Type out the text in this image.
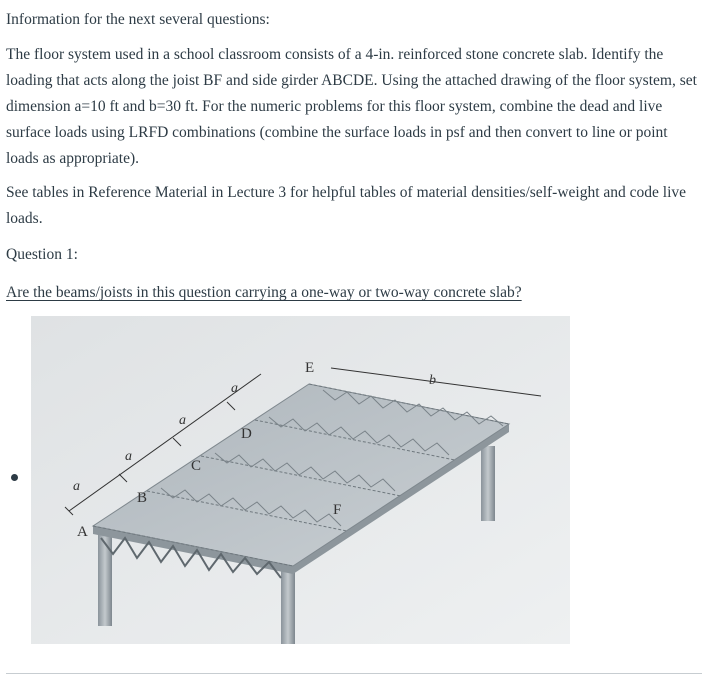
Information for the next several questions:

The floor system used in a school classroom consists of a 4-in. reinforced stone concrete slab. Identify the loading that acts along the joist BF and side girder ABCDE. Using the attached drawing of the floor system, set dimension a=10 ft and b=30 ft. For the numeric problems for this floor system, combine the dead and live surface loads using LRFD combinations (combine the surface loads in psf and then convert to line or point loads as appropriate).

See tables in Reference Material in Lecture 3 for helpful tables of material densities/self-weight and code live loads.

Question 1:

Are the beams/joists in this question carrying a one-way or two-way concrete slab?

a
a
a
a
b
A
B
C
D
E
F
